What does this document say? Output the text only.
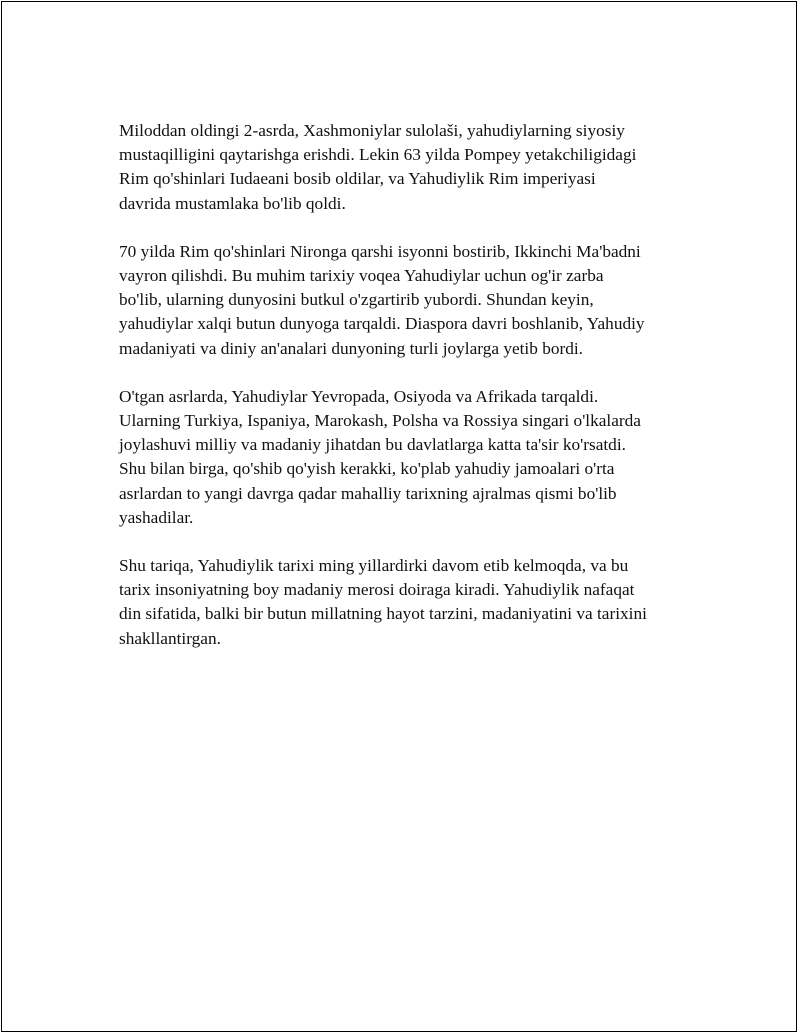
Miloddan oldingi 2-asrda, Xashmoniylar sulolaši, yahudiylarning siyosiy
mustaqilligini qaytarishga erishdi. Lekin 63 yilda Pompey yetakchiligidagi
Rim qo'shinlari Iudaeani bosib oldilar, va Yahudiylik Rim imperiyasi
davrida mustamlaka bo'lib qoldi.

70 yilda Rim qo'shinlari Nironga qarshi isyonni bostirib, Ikkinchi Ma'badni
vayron qilishdi. Bu muhim tarixiy voqea Yahudiylar uchun og'ir zarba
bo'lib, ularning dunyosini butkul o'zgartirib yubordi. Shundan keyin,
yahudiylar xalqi butun dunyoga tarqaldi. Diaspora davri boshlanib, Yahudiy
madaniyati va diniy an'analari dunyoning turli joylarga yetib bordi.

O'tgan asrlarda, Yahudiylar Yevropada, Osiyoda va Afrikada tarqaldi.
Ularning Turkiya, Ispaniya, Marokash, Polsha va Rossiya singari o'lkalarda
joylashuvi milliy va madaniy jihatdan bu davlatlarga katta ta'sir ko'rsatdi.
Shu bilan birga, qo'shib qo'yish kerakki, ko'plab yahudiy jamoalari o'rta
asrlardan to yangi davrga qadar mahalliy tarixning ajralmas qismi bo'lib
yashadilar.

Shu tariqa, Yahudiylik tarixi ming yillardirki davom etib kelmoqda, va bu
tarix insoniyatning boy madaniy merosi doiraga kiradi. Yahudiylik nafaqat
din sifatida, balki bir butun millatning hayot tarzini, madaniyatini va tarixini
shakllantirgan.
